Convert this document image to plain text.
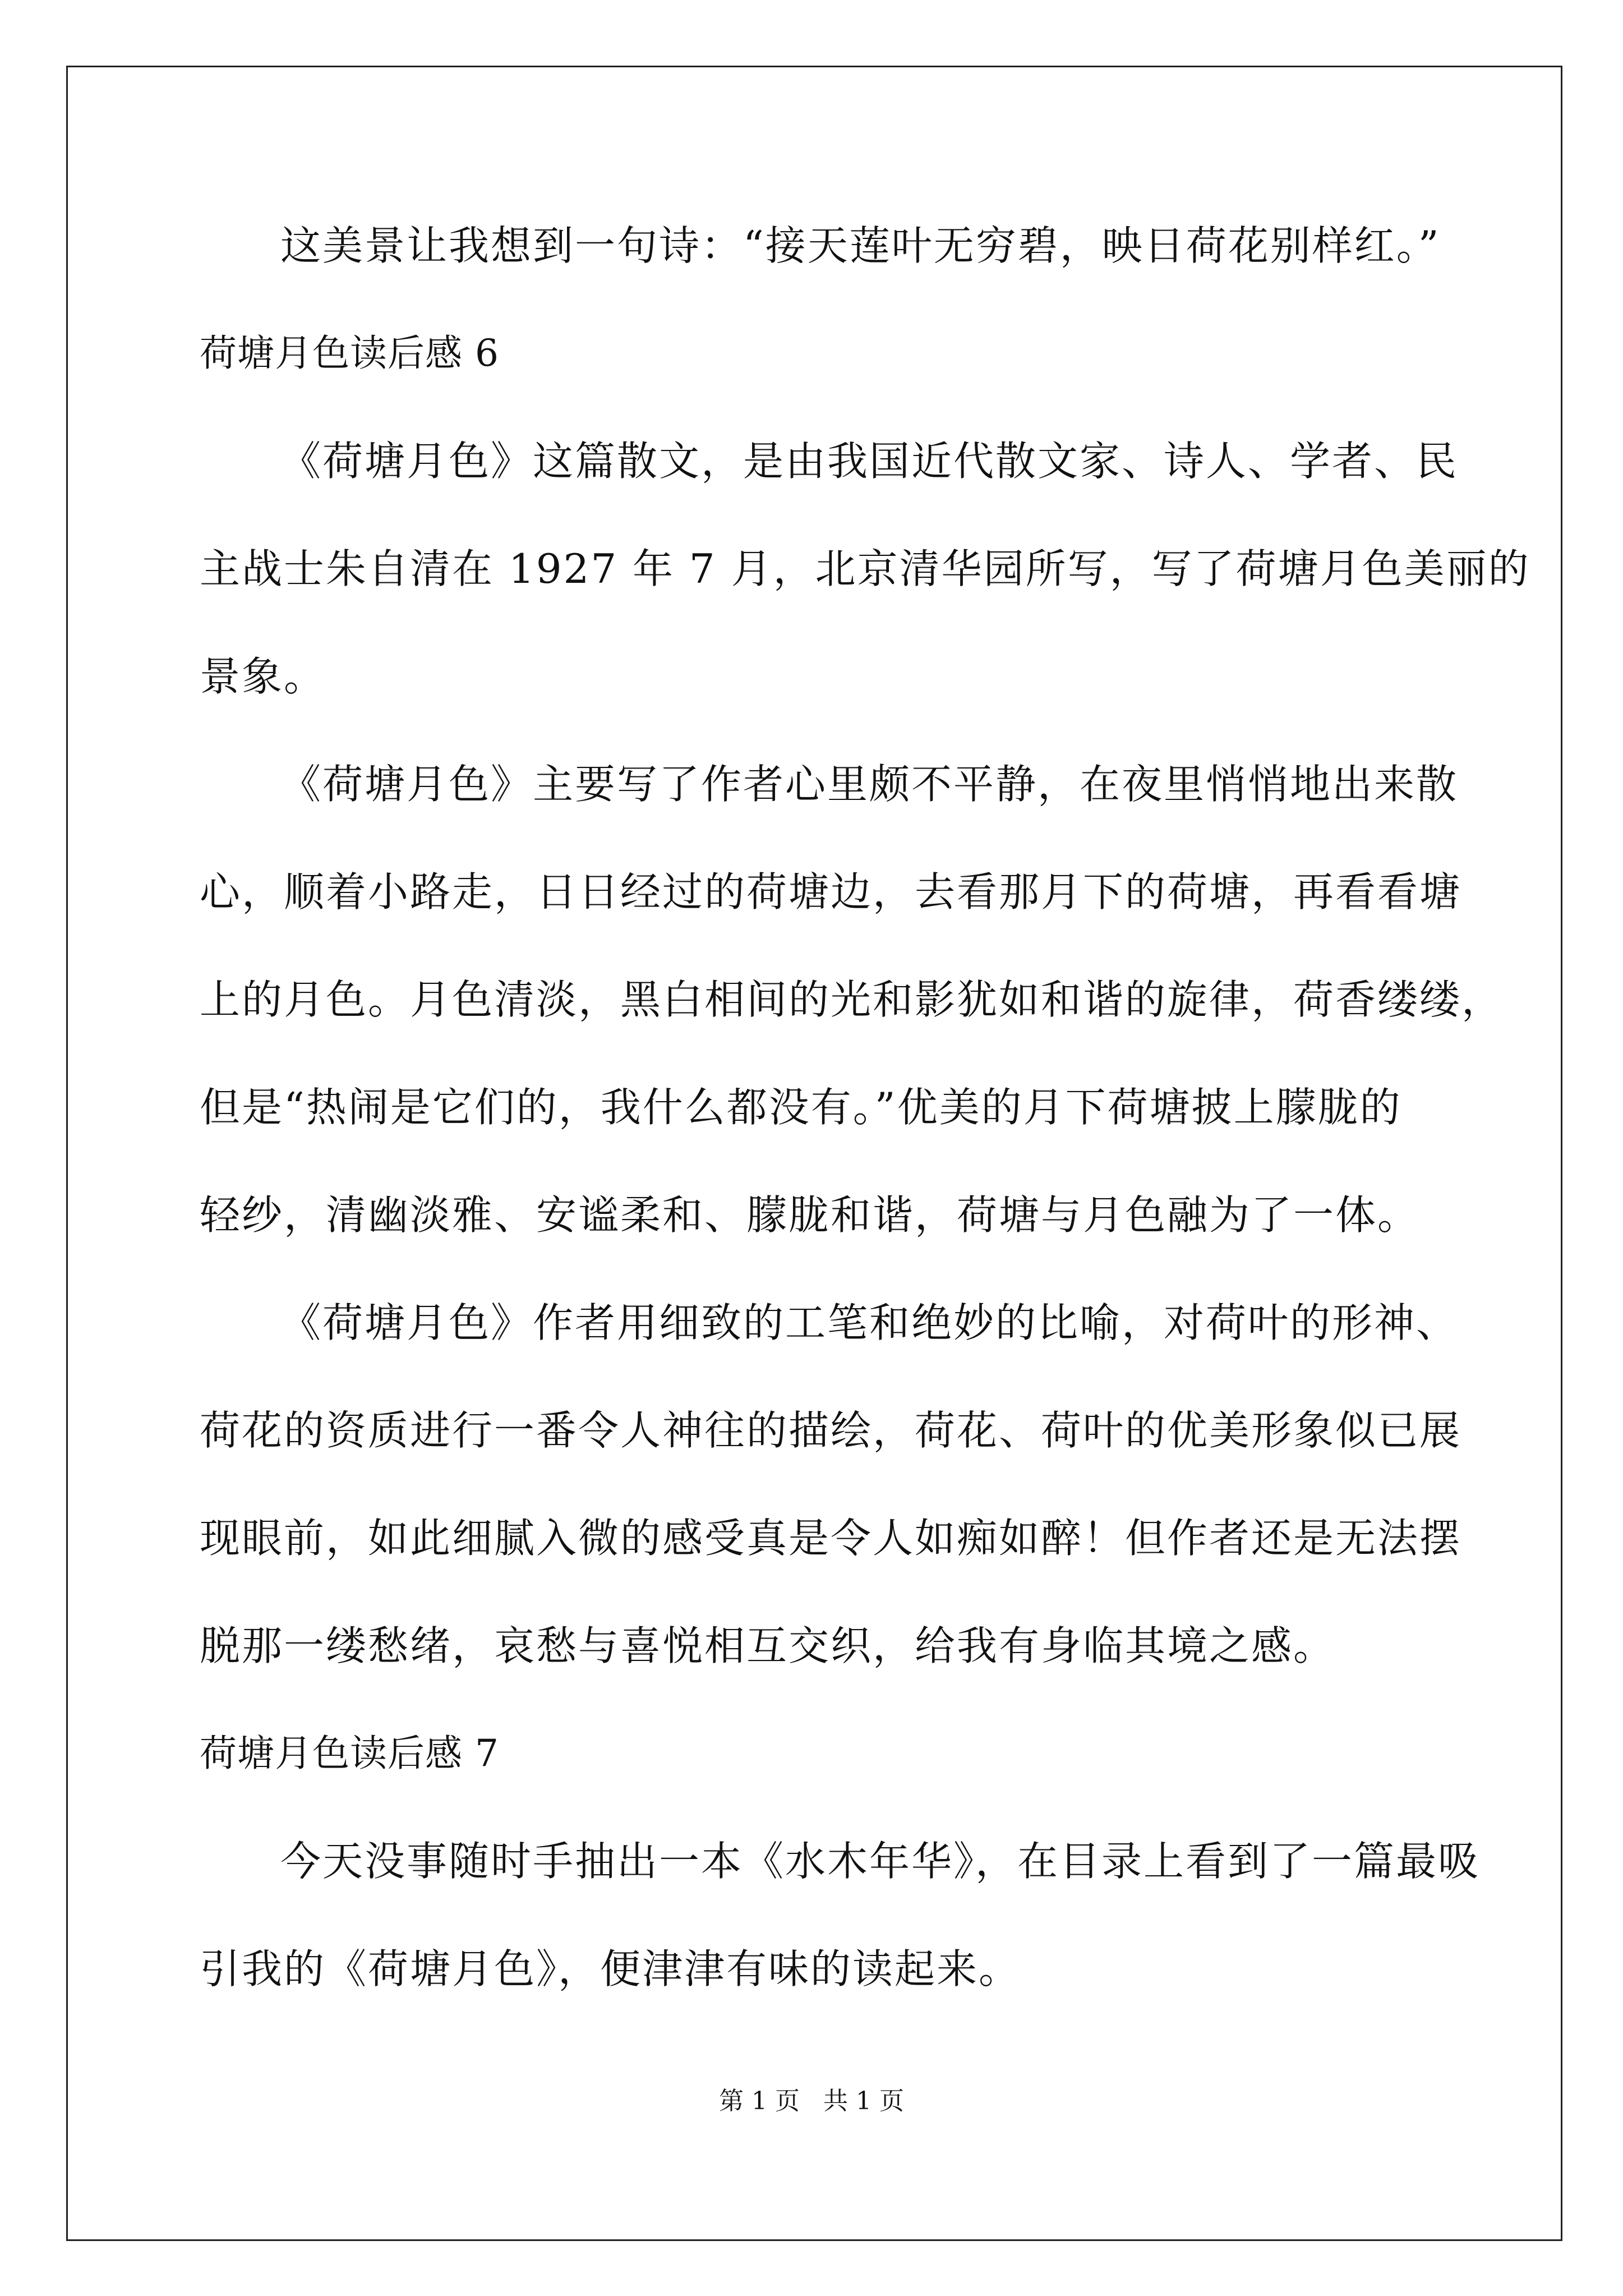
这美景让我想到一句诗：“接天莲叶无穷碧，映日荷花别样红。”
荷塘月色读后感 6
《荷塘月色》这篇散文，是由我国近代散文家、诗人、学者、民
主战士朱自清在 1927 年 7 月，北京清华园所写，写了荷塘月色美丽的
景象。
《荷塘月色》主要写了作者心里颇不平静，在夜里悄悄地出来散
心，顺着小路走，日日经过的荷塘边，去看那月下的荷塘，再看看塘
上的月色。月色清淡，黑白相间的光和影犹如和谐的旋律，荷香缕缕，
但是“热闹是它们的，我什么都没有。”优美的月下荷塘披上朦胧的
轻纱，清幽淡雅、安谧柔和、朦胧和谐，荷塘与月色融为了一体。
《荷塘月色》作者用细致的工笔和绝妙的比喻，对荷叶的形神、
荷花的资质进行一番令人神往的描绘，荷花、荷叶的优美形象似已展
现眼前，如此细腻入微的感受真是令人如痴如醉！但作者还是无法摆
脱那一缕愁绪，哀愁与喜悦相互交织，给我有身临其境之感。
荷塘月色读后感 7
今天没事随时手抽出一本《水木年华》，在目录上看到了一篇最吸
引我的《荷塘月色》，便津津有味的读起来。
第 1 页   共 1 页
